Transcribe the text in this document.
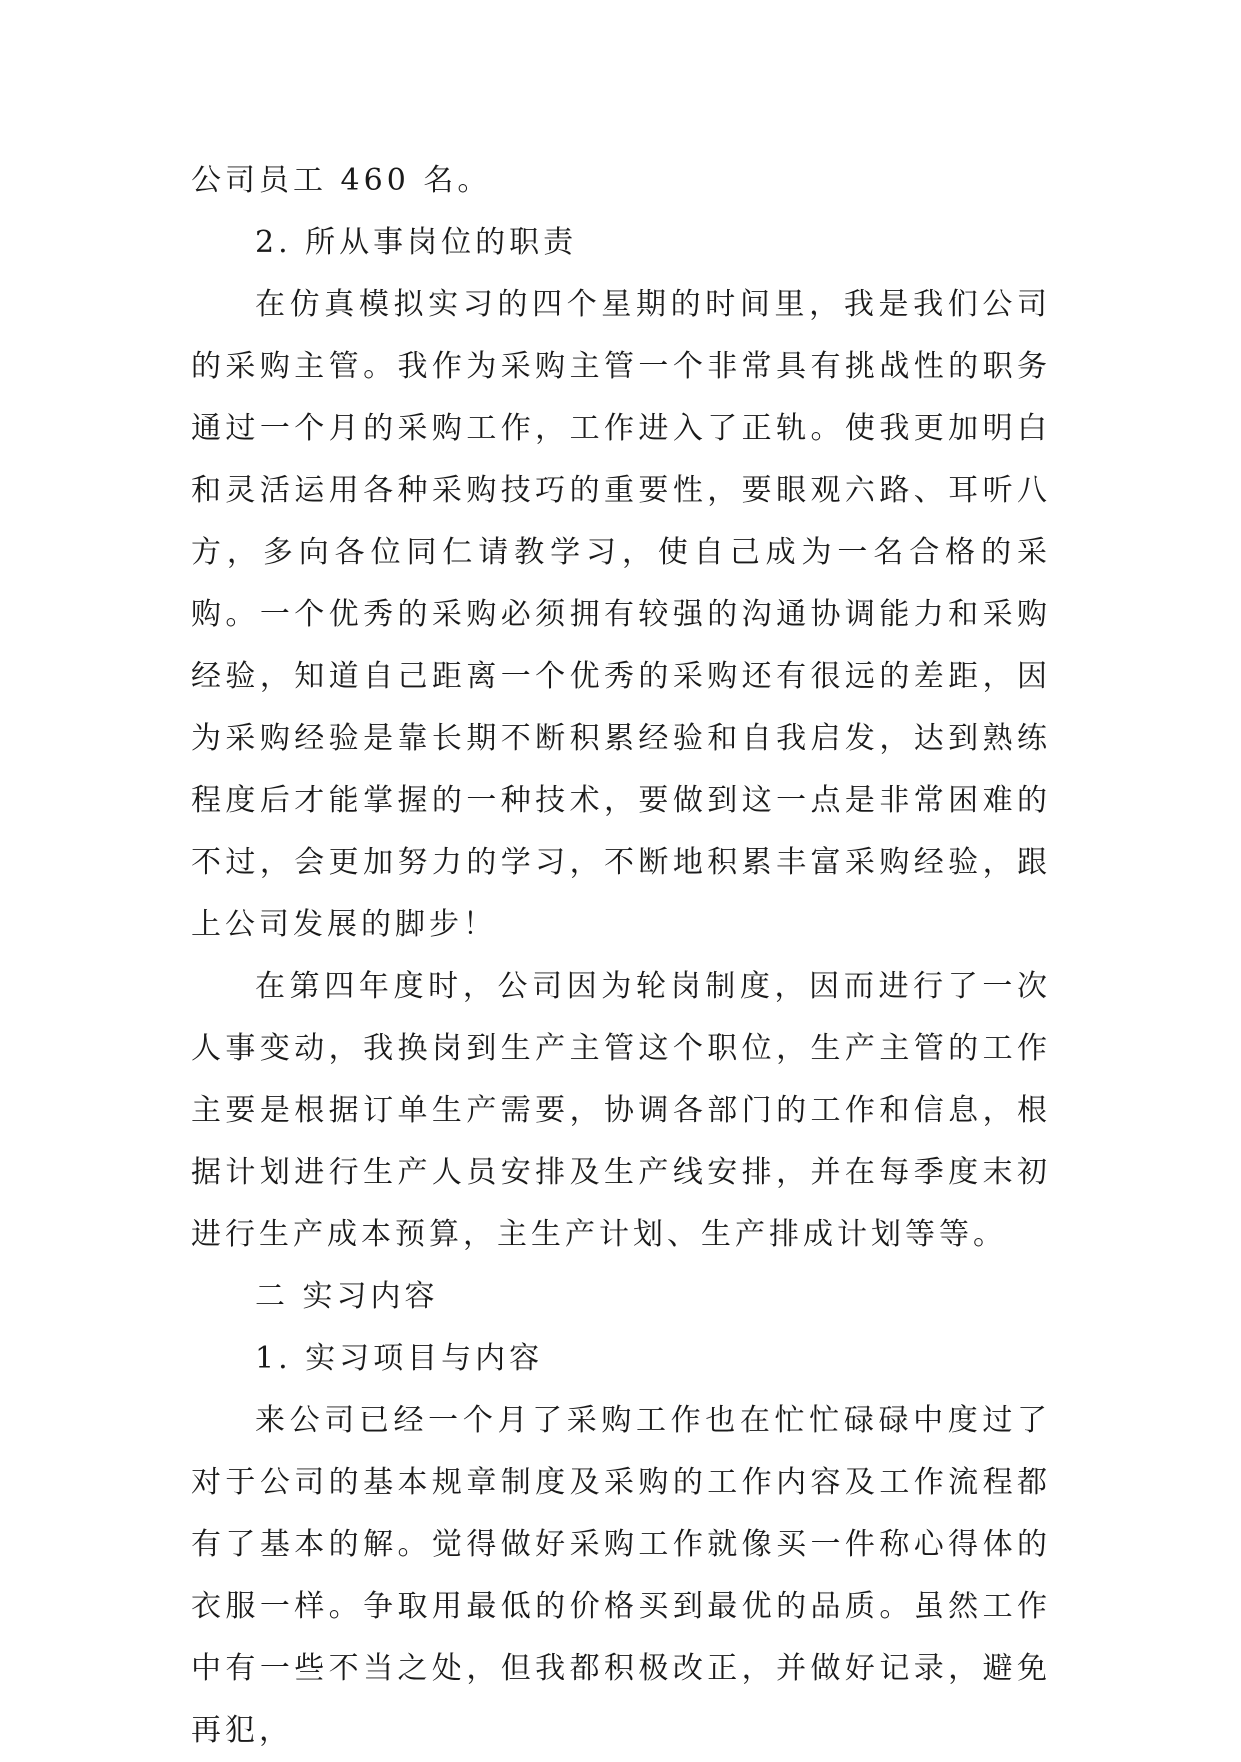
公司员工 460 名。

2. 所从事岗位的职责

在仿真模拟实习的四个星期的时间里，我是我们公司的采购主管。我作为采购主管一个非常具有挑战性的职务通过一个月的采购工作，工作进入了正轨。使我更加明白和灵活运用各种采购技巧的重要性，要眼观六路、耳听八方，多向各位同仁请教学习，使自己成为一名合格的采购。一个优秀的采购必须拥有较强的沟通协调能力和采购经验，知道自己距离一个优秀的采购还有很远的差距，因为采购经验是靠长期不断积累经验和自我启发，达到熟练程度后才能掌握的一种技术，要做到这一点是非常困难的不过，会更加努力的学习，不断地积累丰富采购经验，跟上公司发展的脚步！

在第四年度时，公司因为轮岗制度，因而进行了一次人事变动，我换岗到生产主管这个职位，生产主管的工作主要是根据订单生产需要，协调各部门的工作和信息，根据计划进行生产人员安排及生产线安排，并在每季度末初进行生产成本预算，主生产计划、生产排成计划等等。

二 实习内容

1. 实习项目与内容

来公司已经一个月了采购工作也在忙忙碌碌中度过了对于公司的基本规章制度及采购的工作内容及工作流程都有了基本的解。觉得做好采购工作就像买一件称心得体的衣服一样。争取用最低的价格买到最优的品质。虽然工作中有一些不当之处，但我都积极改正，并做好记录，避免再犯，
